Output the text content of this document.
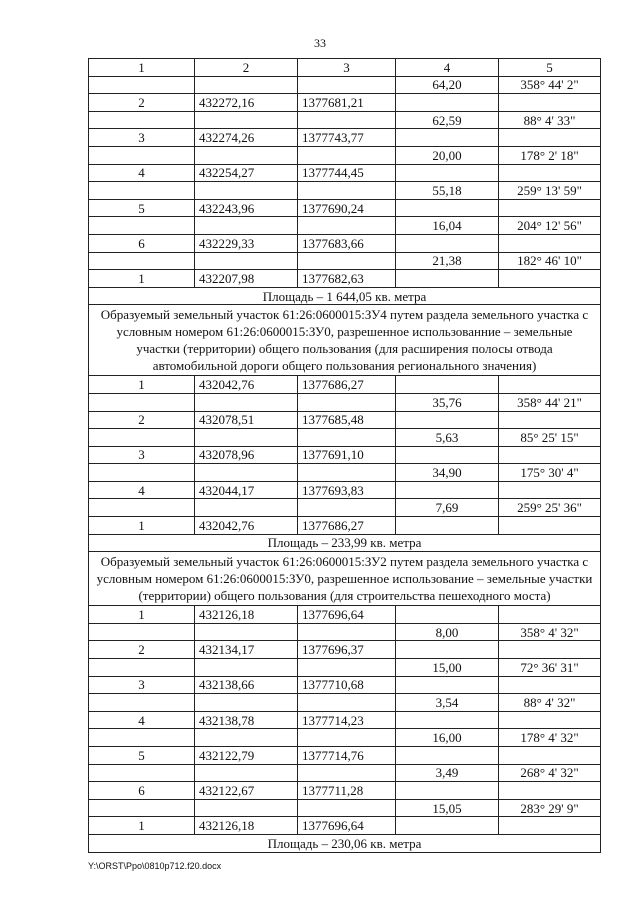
33
1	2	3	4	5
			64,20	358° 44' 2"
2	432272,16	1377681,21		
			62,59	88° 4' 33"
3	432274,26	1377743,77		
			20,00	178° 2' 18"
4	432254,27	1377744,45		
			55,18	259° 13' 59"
5	432243,96	1377690,24		
			16,04	204° 12' 56"
6	432229,33	1377683,66		
			21,38	182° 46' 10"
1	432207,98	1377682,63		
Площадь – 1 644,05 кв. метра				
Образуемый земельный участок 61:26:0600015:ЗУ4 путем раздела земельного участка с условным номером 61:26:0600015:ЗУ0, разрешенное использованние – земельные участки (территории) общего пользования (для расширения полосы отвода автомобильной дороги общего пользования регионального значения)				
1	432042,76	1377686,27		
			35,76	358° 44' 21"
2	432078,51	1377685,48		
			5,63	85° 25' 15"
3	432078,96	1377691,10		
			34,90	175° 30' 4"
4	432044,17	1377693,83		
			7,69	259° 25' 36"
1	432042,76	1377686,27		
Площадь – 233,99 кв. метра				
Образуемый земельный участок 61:26:0600015:ЗУ2 путем раздела земельного участка с условным номером 61:26:0600015:ЗУ0, разрешенное использование – земельные участки (территории) общего пользования (для строительства пешеходного моста)				
1	432126,18	1377696,64		
			8,00	358° 4' 32"
2	432134,17	1377696,37		
			15,00	72° 36' 31"
3	432138,66	1377710,68		
			3,54	88° 4' 32"
4	432138,78	1377714,23		
			16,00	178° 4' 32"
5	432122,79	1377714,76		
			3,49	268° 4' 32"
6	432122,67	1377711,28		
			15,05	283° 29' 9"
1	432126,18	1377696,64		
Площадь – 230,06 кв. метра				
Y:\ORST\Ppo\0810p712.f20.docx
